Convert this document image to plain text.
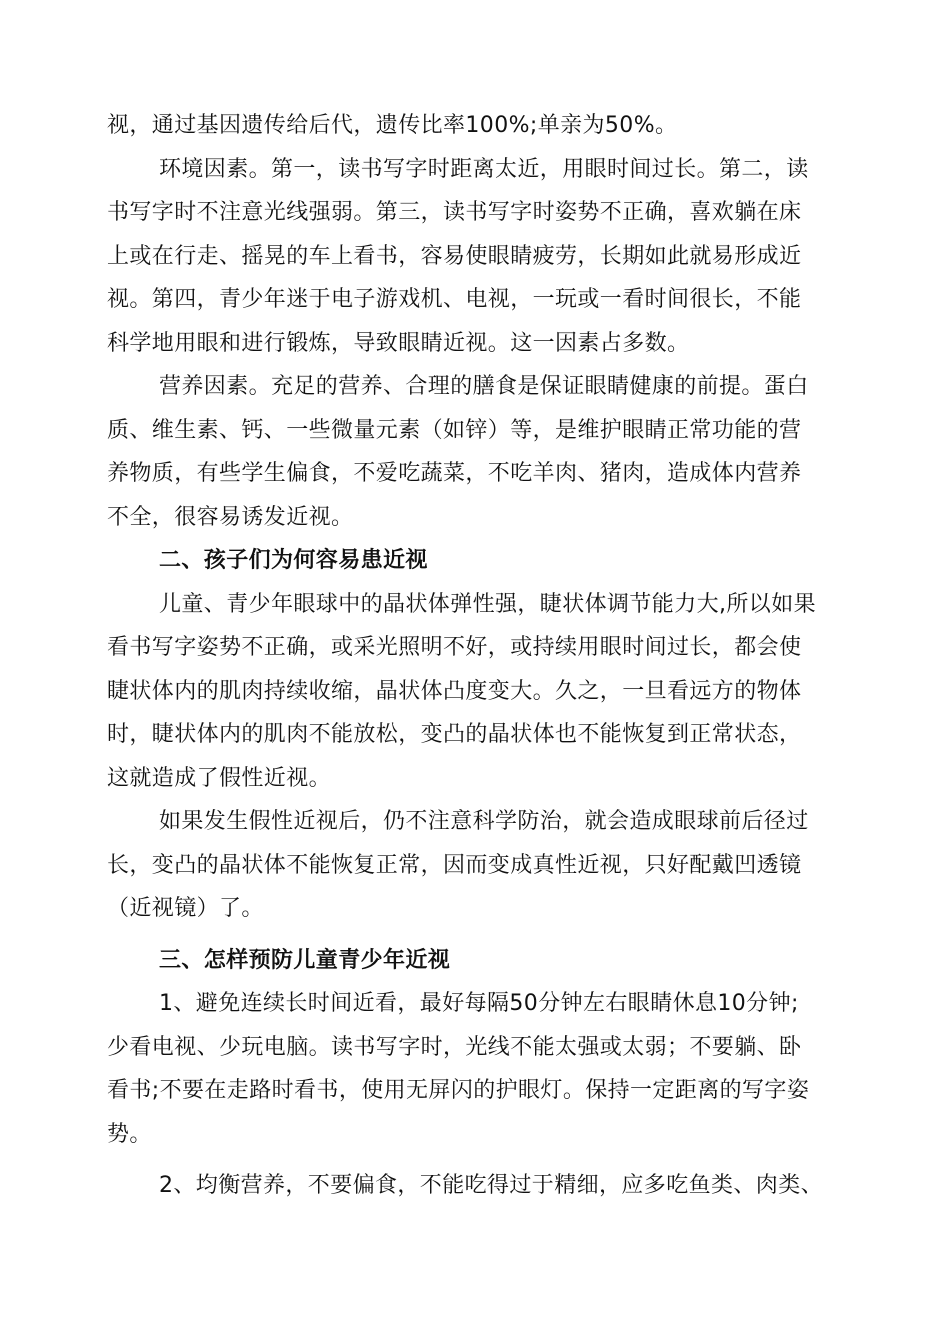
视，通过基因遗传给后代，遗传比率100%;单亲为50%。
环境因素。第一，读书写字时距离太近，用眼时间过长。第二，读
书写字时不注意光线强弱。第三，读书写字时姿势不正确，喜欢躺在床
上或在行走、摇晃的车上看书，容易使眼睛疲劳，长期如此就易形成近
视。第四，青少年迷于电子游戏机、电视，一玩或一看时间很长，不能
科学地用眼和进行锻炼，导致眼睛近视。这一因素占多数。
营养因素。充足的营养、合理的膳食是保证眼睛健康的前提。蛋白
质、维生素、钙、一些微量元素（如锌）等，是维护眼睛正常功能的营
养物质，有些学生偏食，不爱吃蔬菜，不吃羊肉、猪肉，造成体内营养
不全，很容易诱发近视。
二、孩子们为何容易患近视
儿童、青少年眼球中的晶状体弹性强，睫状体调节能力大,所以如果
看书写字姿势不正确，或采光照明不好，或持续用眼时间过长，都会使
睫状体内的肌肉持续收缩，晶状体凸度变大。久之，一旦看远方的物体
时，睫状体内的肌肉不能放松，变凸的晶状体也不能恢复到正常状态，
这就造成了假性近视。
如果发生假性近视后，仍不注意科学防治，就会造成眼球前后径过
长，变凸的晶状体不能恢复正常，因而变成真性近视，只好配戴凹透镜
（近视镜）了。
三、怎样预防儿童青少年近视
1、避免连续长时间近看，最好每隔50分钟左右眼睛休息10分钟;
少看电视、少玩电脑。读书写字时，光线不能太强或太弱；不要躺、卧
看书;不要在走路时看书，使用无屏闪的护眼灯。保持一定距离的写字姿
势。
2、均衡营养，不要偏食，不能吃得过于精细，应多吃鱼类、肉类、
